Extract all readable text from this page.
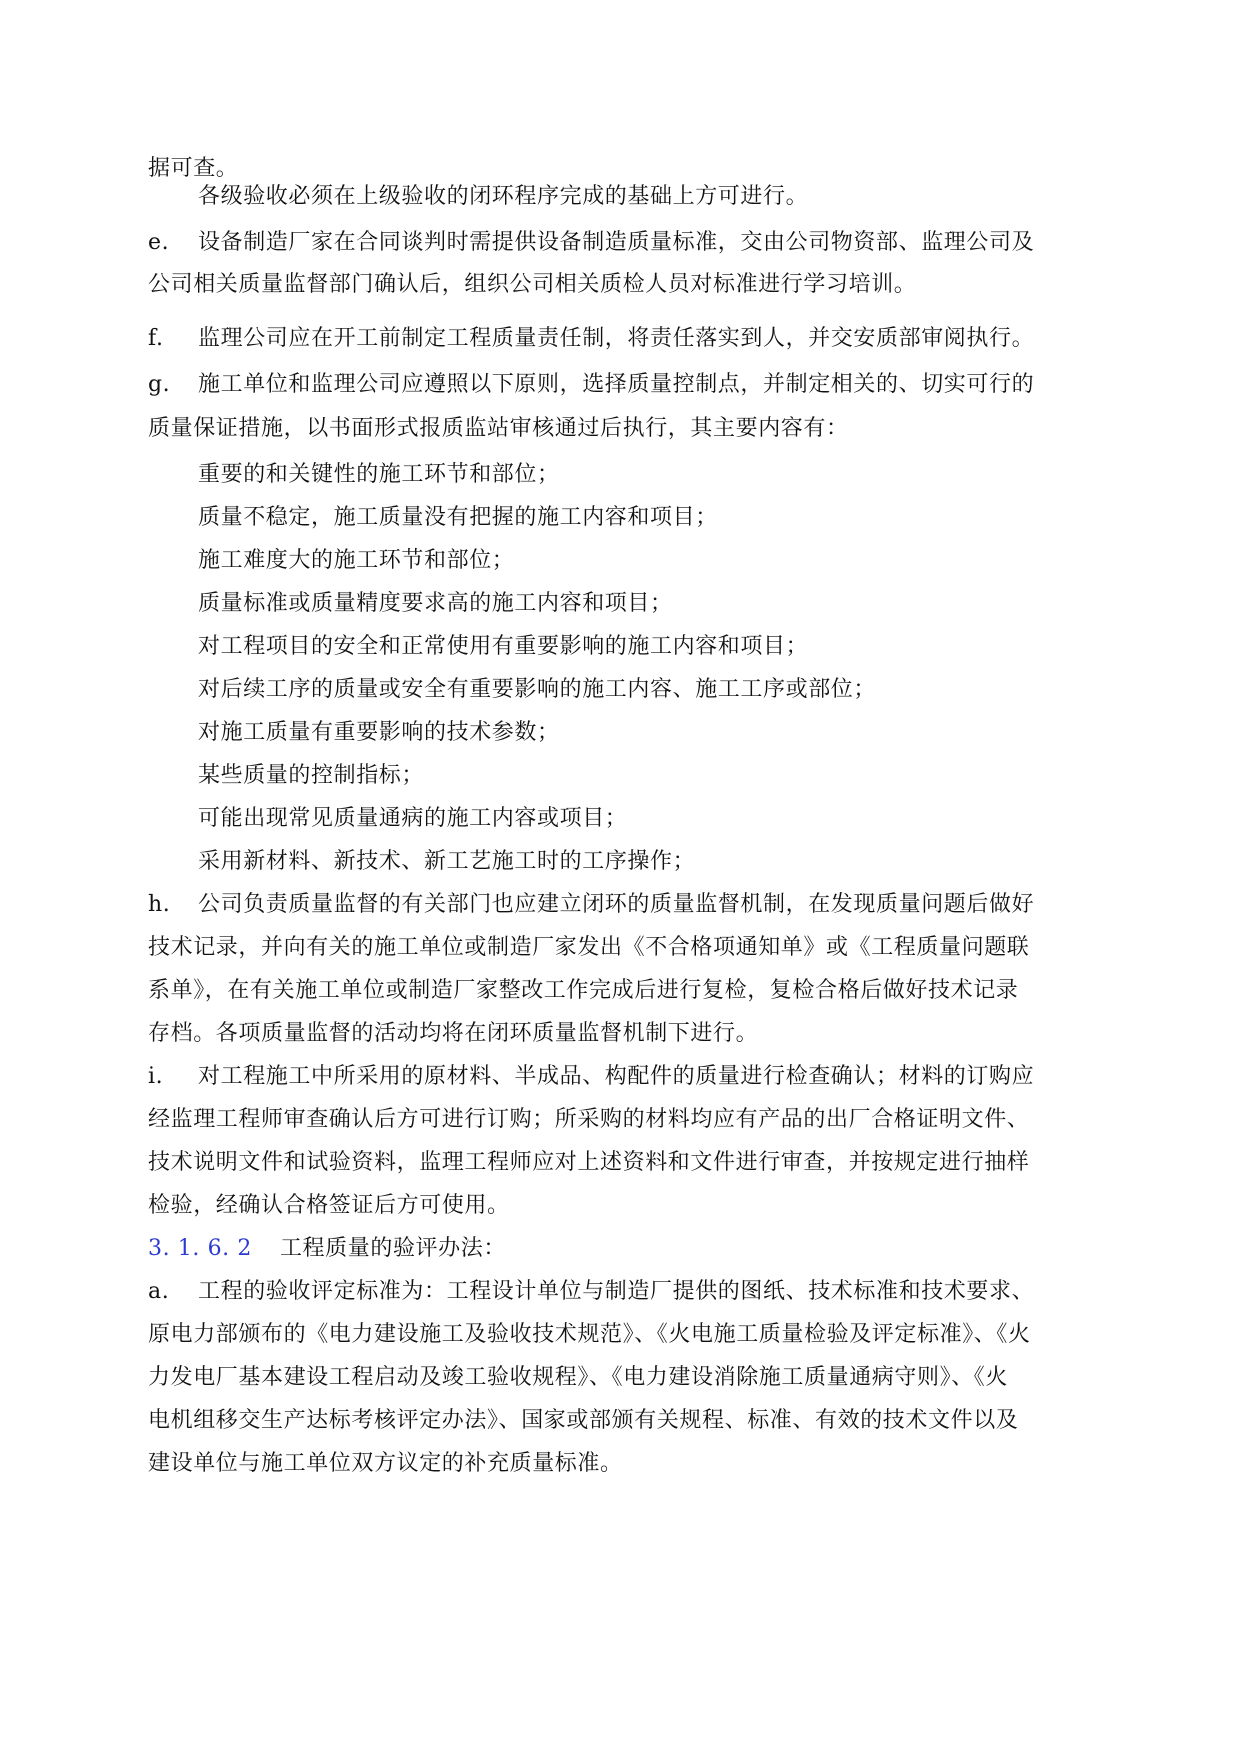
据可查。
各级验收必须在上级验收的闭环程序完成的基础上方可进行。
e. 设备制造厂家在合同谈判时需提供设备制造质量标准，交由公司物资部、监理公司及
公司相关质量监督部门确认后，组织公司相关质检人员对标准进行学习培训。
f. 监理公司应在开工前制定工程质量责任制，将责任落实到人，并交安质部审阅执行。
g. 施工单位和监理公司应遵照以下原则，选择质量控制点，并制定相关的、切实可行的
质量保证措施，以书面形式报质监站审核通过后执行，其主要内容有：
重要的和关键性的施工环节和部位；
质量不稳定，施工质量没有把握的施工内容和项目；
施工难度大的施工环节和部位；
质量标准或质量精度要求高的施工内容和项目；
对工程项目的安全和正常使用有重要影响的施工内容和项目；
对后续工序的质量或安全有重要影响的施工内容、施工工序或部位；
对施工质量有重要影响的技术参数；
某些质量的控制指标；
可能出现常见质量通病的施工内容或项目；
采用新材料、新技术、新工艺施工时的工序操作；
h. 公司负责质量监督的有关部门也应建立闭环的质量监督机制，在发现质量问题后做好
技术记录，并向有关的施工单位或制造厂家发出《不合格项通知单》或《工程质量问题联
系单》，在有关施工单位或制造厂家整改工作完成后进行复检，复检合格后做好技术记录
存档。各项质量监督的活动均将在闭环质量监督机制下进行。
i. 对工程施工中所采用的原材料、半成品、构配件的质量进行检查确认；材料的订购应
经监理工程师审查确认后方可进行订购；所采购的材料均应有产品的出厂合格证明文件、
技术说明文件和试验资料，监理工程师应对上述资料和文件进行审查，并按规定进行抽样
检验，经确认合格签证后方可使用。
3. 1. 6. 2 工程质量的验评办法：
a. 工程的验收评定标准为：工程设计单位与制造厂提供的图纸、技术标准和技术要求、
原电力部颁布的《电力建设施工及验收技术规范》、《火电施工质量检验及评定标准》、《火
力发电厂基本建设工程启动及竣工验收规程》、《电力建设消除施工质量通病守则》、《火
电机组移交生产达标考核评定办法》、国家或部颁有关规程、标准、有效的技术文件以及
建设单位与施工单位双方议定的补充质量标准。
